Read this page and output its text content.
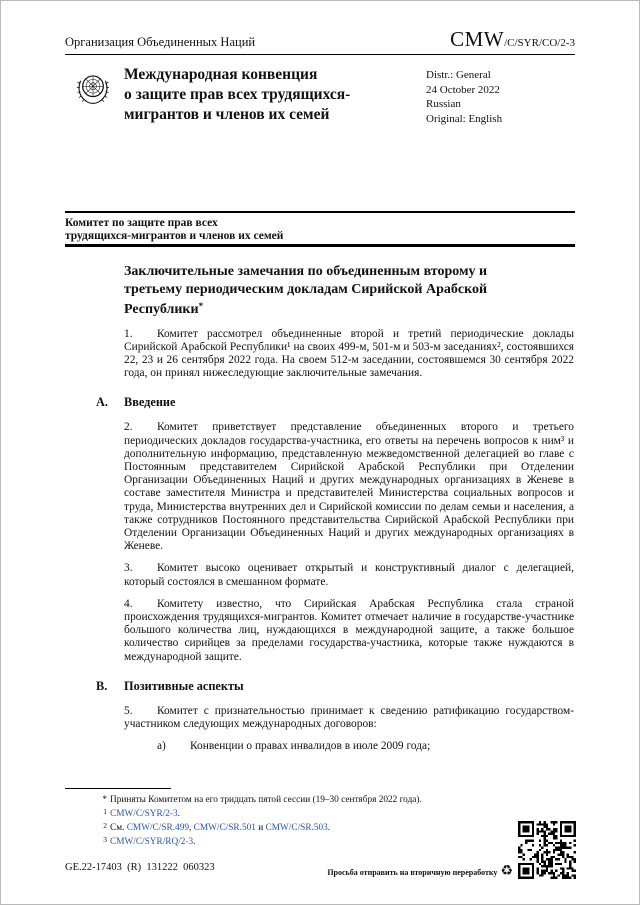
Организация Объединенных Наций	CMW/C/SYR/CO/2-3
Международная конвенция
о защите прав всех трудящихся-
мигрантов и членов их семей
Distr.: General
24 October 2022
Russian
Original: English
Комитет по защите прав всех
трудящихся-мигрантов и членов их семей
Заключительные замечания по объединенным второму и третьему периодическим докладам Сирийской Арабской Республики*

1. Комитет рассмотрел объединенные второй и третий периодические доклады Сирийской Арабской Республики¹ на своих 499-м, 501-м и 503-м заседаниях², состоявшихся 22, 23 и 26 сентября 2022 года. На своем 512-м заседании, состоявшемся 30 сентября 2022 года, он принял нижеследующие заключительные замечания.

A. Введение

2. Комитет приветствует представление объединенных второго и третьего периодических докладов государства-участника, его ответы на перечень вопросов к ним³ и дополнительную информацию, представленную межведомственной делегацией во главе с Постоянным представителем Сирийской Арабской Республики при Отделении Организации Объединенных Наций и других международных организациях в Женеве в составе заместителя Министра и представителей Министерства социальных вопросов и труда, Министерства внутренних дел и Сирийской комиссии по делам семьи и населения, а также сотрудников Постоянного представительства Сирийской Арабской Республики при Отделении Организации Объединенных Наций и других международных организациях в Женеве.

3. Комитет высоко оценивает открытый и конструктивный диалог с делегацией, который состоялся в смешанном формате.

4. Комитету известно, что Сирийская Арабская Республика стала страной происхождения трудящихся-мигрантов. Комитет отмечает наличие в государстве-участнике большого количества лиц, нуждающихся в международной защите, а также большое количество сирийцев за пределами государства-участника, которые также нуждаются в международной защите.

B. Позитивные аспекты

5. Комитет с признательностью принимает к сведению ратификацию государством-участником следующих международных договоров:

a) Конвенции о правах инвалидов в июле 2009 года;

* Приняты Комитетом на его тридцать пятой сессии (19–30 сентября 2022 года).
1 CMW/C/SYR/2-3.
2 См. CMW/C/SR.499, CMW/C/SR.501 и CMW/C/SR.503.
3 CMW/C/SYR/RQ/2-3.
GE.22-17403  (R)  131222  060323	Просьба отправить на вторичную переработку ♻
